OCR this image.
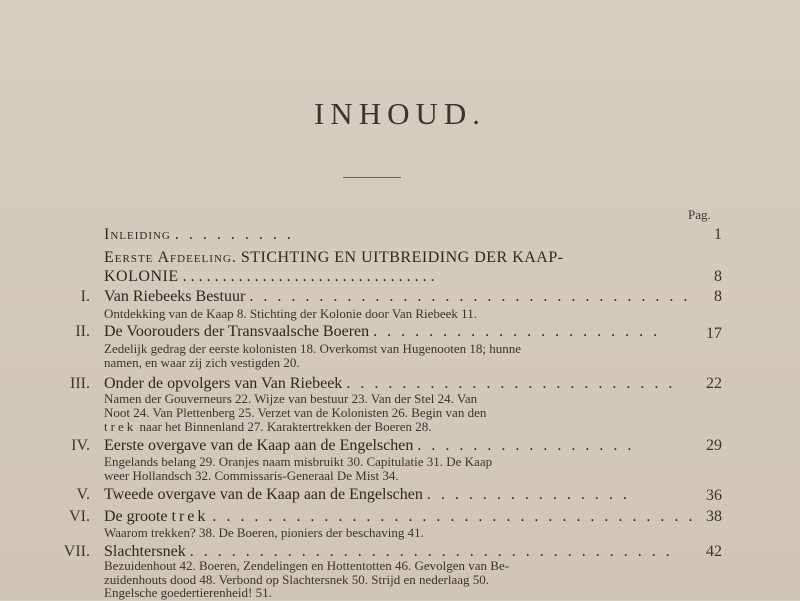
INHOUD.
Pag.
Inleiding . . . . . . . . .	1
Eerste Afdeeling. STICHTING EN UITBREIDING DER KAAP-
KOLONIE . . . . . . . . . . . . . . . . . . . . . . . . . . . . . . . .	8
I. Van Riebeeks Bestuur . . . . . . . . . . . . . . . . . . . . . . . . . . . . . . . .	8
Ontdekking van de Kaap 8. Stichting der Kolonie door Van Riebeek 11.
II. De Voorouders der Transvaalsche Boeren . . . . . . . . . . . . . . . . . . . . .	17
Zedelijk gedrag der eerste kolonisten 18. Overkomst van Hugenooten 18; hunne
namen, en waar zij zich vestigden 20.
III. Onder de opvolgers van Van Riebeek . . . . . . . . . . . . . . . . . . . . . . . .	22
Namen der Gouverneurs 22. Wijze van bestuur 23. Van der Stel 24. Van
Noot 24. Van Plettenberg 25. Verzet van de Kolonisten 26. Begin van den
trek naar het Binnenland 27. Karaktertrekken der Boeren 28.
IV. Eerste overgave van de Kaap aan de Engelschen . . . . . . . . . . . . . . . .	29
Engelands belang 29. Oranjes naam misbruikt 30. Capitulatie 31. De Kaap
weer Hollandsch 32. Commissaris-Generaal De Mist 34.
V. Tweede overgave van de Kaap aan de Engelschen . . . . . . . . . . . . . . .	36
VI. De groote trek . . . . . . . . . . . . . . . . . . . . . . . . . . . . . . . . . . . 38
Waarom trekken? 38. De Boeren, pioniers der beschaving 41.
VII. Slachtersnek . . . . . . . . . . . . . . . . . . . . . . . . . . . . . . . . . . .	42
Bezuidenhout 42. Boeren, Zendelingen en Hottentotten 46. Gevolgen van Be-
zuidenhouts dood 48. Verbond op Slachtersnek 50. Strijd en nederlaag 50.
Engelsche goedertierenheid! 51.
